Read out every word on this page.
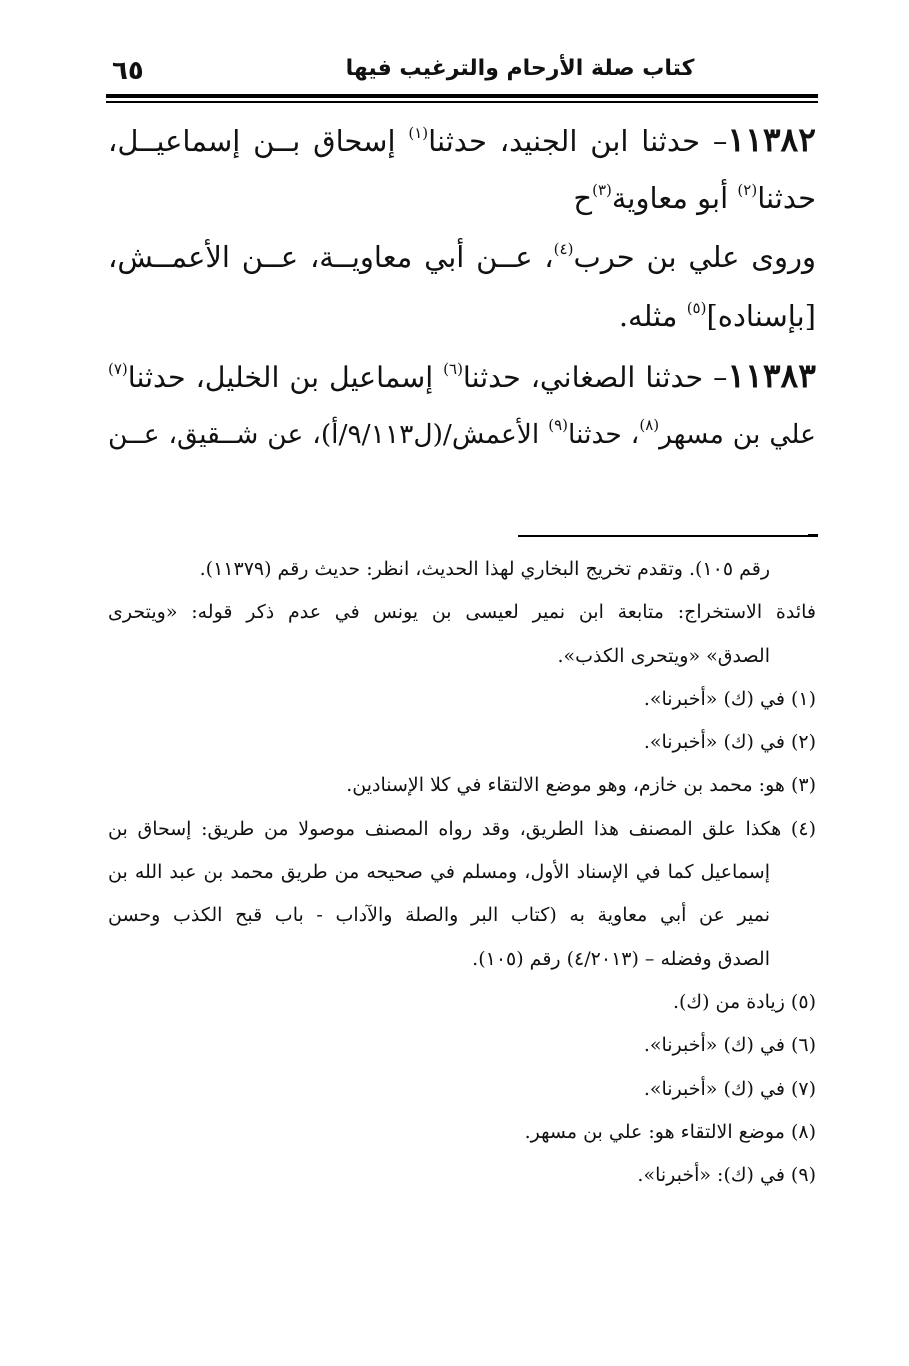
كتاب صلة الأرحام والترغيب فيها
٦٥
١١٣٨٢– حدثنا ابن الجنيد، حدثنا$^{(١)}$ إسحاق بــن إسماعيــل،
حدثنا$^{(٢)}$ أبو معاوية$^{(٣)}$ح
وروى علي بن حرب$^{(٤)}$، عــن أبي معاويــة، عــن الأعمــش،
[بإسناده]$^{(٥)}$ مثله.
١١٣٨٣– حدثنا الصغاني، حدثنا$^{(٦)}$ إسماعيل بن الخليل، حدثنا$^{(٧)}$
علي بن مسهر$^{(٨)}$، حدثنا$^{(٩)}$ الأعمش/(ل٩/١١٣/أ)، عن شــقيق، عــن
رقم ١٠٥). وتقدم تخريج البخاري لهذا الحديث، انظر: حديث رقم (١١٣٧٩).
فائدة الاستخراج: متابعة ابن نمير لعيسى بن يونس في عدم ذكر قوله: «ويتحرى
الصدق» «ويتحرى الكذب».
(١) في (ك) «أخبرنا».
(٢) في (ك) «أخبرنا».
(٣) هو: محمد بن خازم، وهو موضع الالتقاء في كلا الإسنادين.
(٤) هكذا علق المصنف هذا الطريق، وقد رواه المصنف موصولا من طريق: إسحاق بن
إسماعيل كما في الإسناد الأول، ومسلم في صحيحه من طريق محمد بن عبد الله بن
نمير عن أبي معاوية به (كتاب البر والصلة والآداب - باب قبح الكذب وحسن
الصدق وفضله – (٤/٢٠١٣) رقم (١٠٥).
(٥) زيادة من (ك).
(٦) في (ك) «أخبرنا».
(٧) في (ك) «أخبرنا».
(٨) موضع الالتقاء هو: علي بن مسهر.
(٩) في (ك): «أخبرنا».
